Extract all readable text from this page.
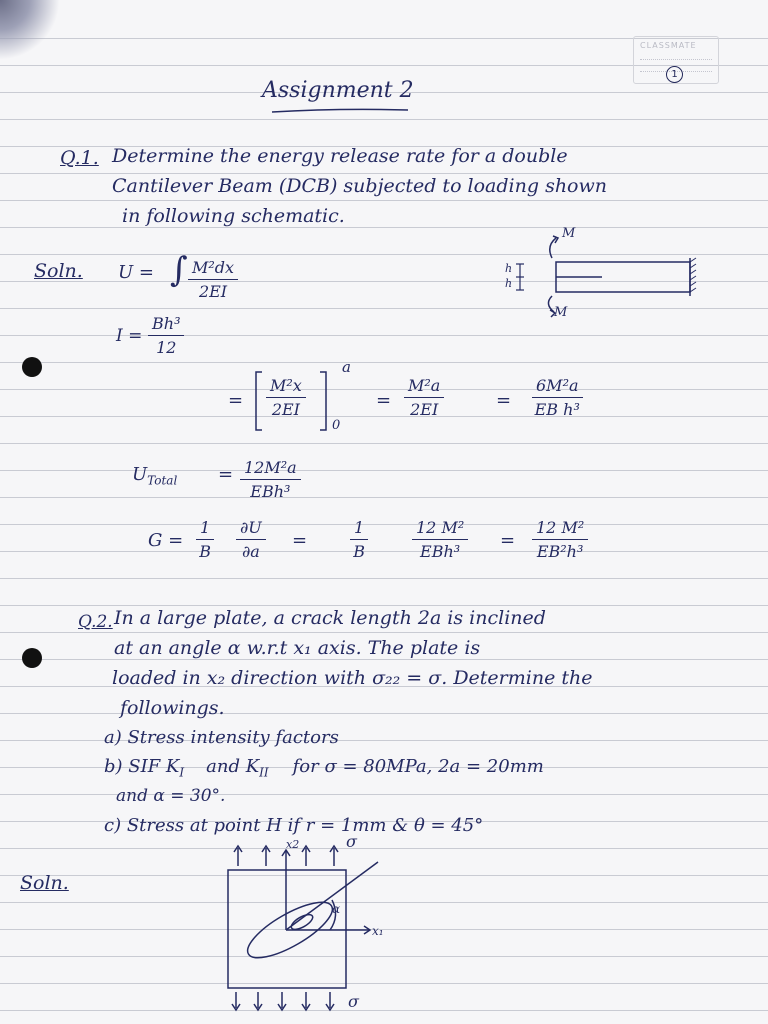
CLASSMATE
1
Assignment 2
Q.1. Determine the energy release rate for a double
Cantilever Beam (DCB) subjected to loading shown
in following schematic.
Soln. U = ∫ $\frac{\text{M²dx}}{2EI}$
$I = \frac{\text{Bh³}}{12}$
= $\frac{\text{M²x}}{2EI}$
a
0
= $\frac{\text{M²a}}{2EI}$	= $\frac{\text{6M²a}}{\text{EB h³}}$
$U_{Total} = 12M^2a$
EBh³
$G = \frac{1}{B} \frac{\partial U}{\partial a}$ =	$\frac{1}{B}$	12 M²
EBh³
= $\frac{\text{12 M²}}{\text{EB²h³}}$
M
M
h
h
Q.2. In a large plate, a crack length 2a is inclined
at an angle α w.r.t x₁ axis. The plate is
loaded in x₂ direction with σ₂₂ = σ. Determine the
followings.
a) Stress intensity factors
b) SIF $K_I$ and $K_{II}$ for σ = 80MPa, 2a = 20mm
and α = 30°.
c) Stress at point H if r = 1mm & θ = 45°
Soln.
σ
σ
x2
x₁
α
